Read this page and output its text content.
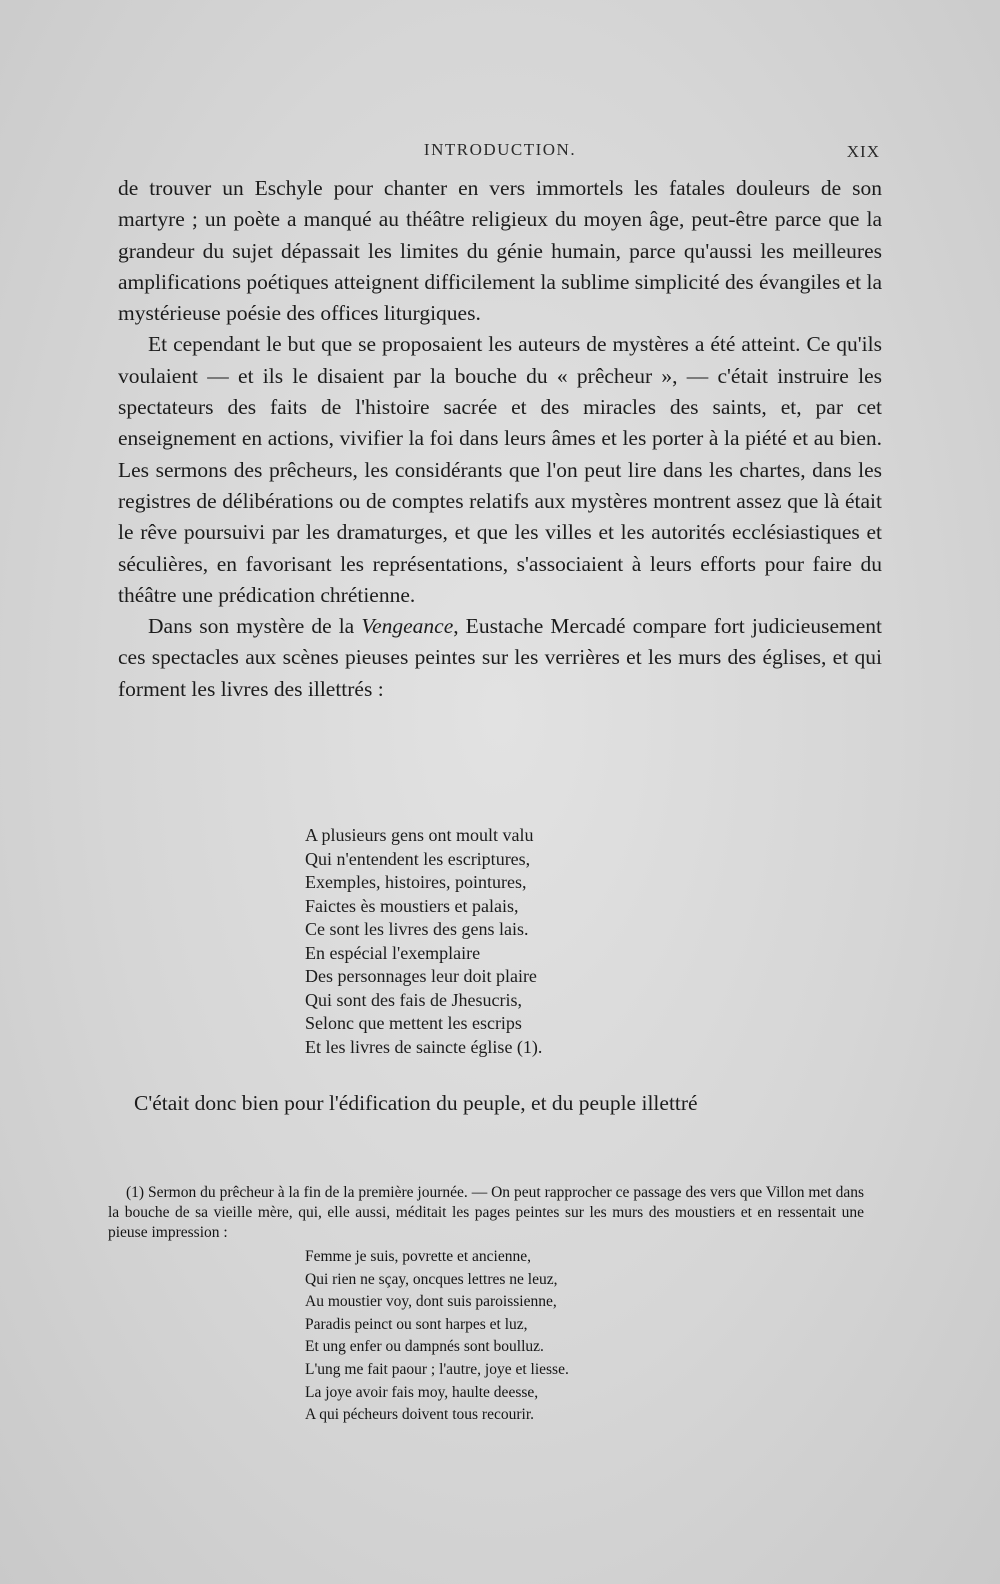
INTRODUCTION.	XIX

de trouver un Eschyle pour chanter en vers immortels les fatales douleurs de son martyre ; un poète a manqué au théâtre religieux du moyen âge, peut-être parce que la grandeur du sujet dépassait les limites du génie humain, parce qu'aussi les meilleures amplifications poétiques atteignent difficilement la sublime simplicité des évangiles et la mystérieuse poésie des offices liturgiques.

Et cependant le but que se proposaient les auteurs de mystères a été atteint. Ce qu'ils voulaient — et ils le disaient par la bouche du « prêcheur », — c'était instruire les spectateurs des faits de l'histoire sacrée et des miracles des saints, et, par cet enseignement en actions, vivifier la foi dans leurs âmes et les porter à la piété et au bien. Les sermons des prêcheurs, les considérants que l'on peut lire dans les chartes, dans les registres de délibérations ou de comptes relatifs aux mystères montrent assez que là était le rêve poursuivi par les dramaturges, et que les villes et les autorités ecclésiastiques et séculières, en favorisant les représentations, s'associaient à leurs efforts pour faire du théâtre une prédication chrétienne.

Dans son mystère de la Vengeance, Eustache Mercadé compare fort judicieusement ces spectacles aux scènes pieuses peintes sur les verrières et les murs des églises, et qui forment les livres des illettrés :

A plusieurs gens ont moult valu
Qui n'entendent les escriptures,
Exemples, histoires, pointures,
Faictes ès moustiers et palais,
Ce sont les livres des gens lais.
En espécial l'exemplaire
Des personnages leur doit plaire
Qui sont des fais de Jhesucris,
Selonc que mettent les escrips
Et les livres de saincte église (1).
C'était donc bien pour l'édification du peuple, et du peuple illettré

(1) Sermon du prêcheur à la fin de la première journée. — On peut rapprocher ce passage des vers que Villon met dans la bouche de sa vieille mère, qui, elle aussi, méditait les pages peintes sur les murs des moustiers et en ressentait une pieuse impression :

Femme je suis, povrette et ancienne,
Qui rien ne sçay, oncques lettres ne leuz,
Au moustier voy, dont suis paroissienne,
Paradis peinct ou sont harpes et luz,
Et ung enfer ou dampnés sont boulluz.
L'ung me fait paour ; l'autre, joye et liesse.
La joye avoir fais moy, haulte deesse,
A qui pécheurs doivent tous recourir.
